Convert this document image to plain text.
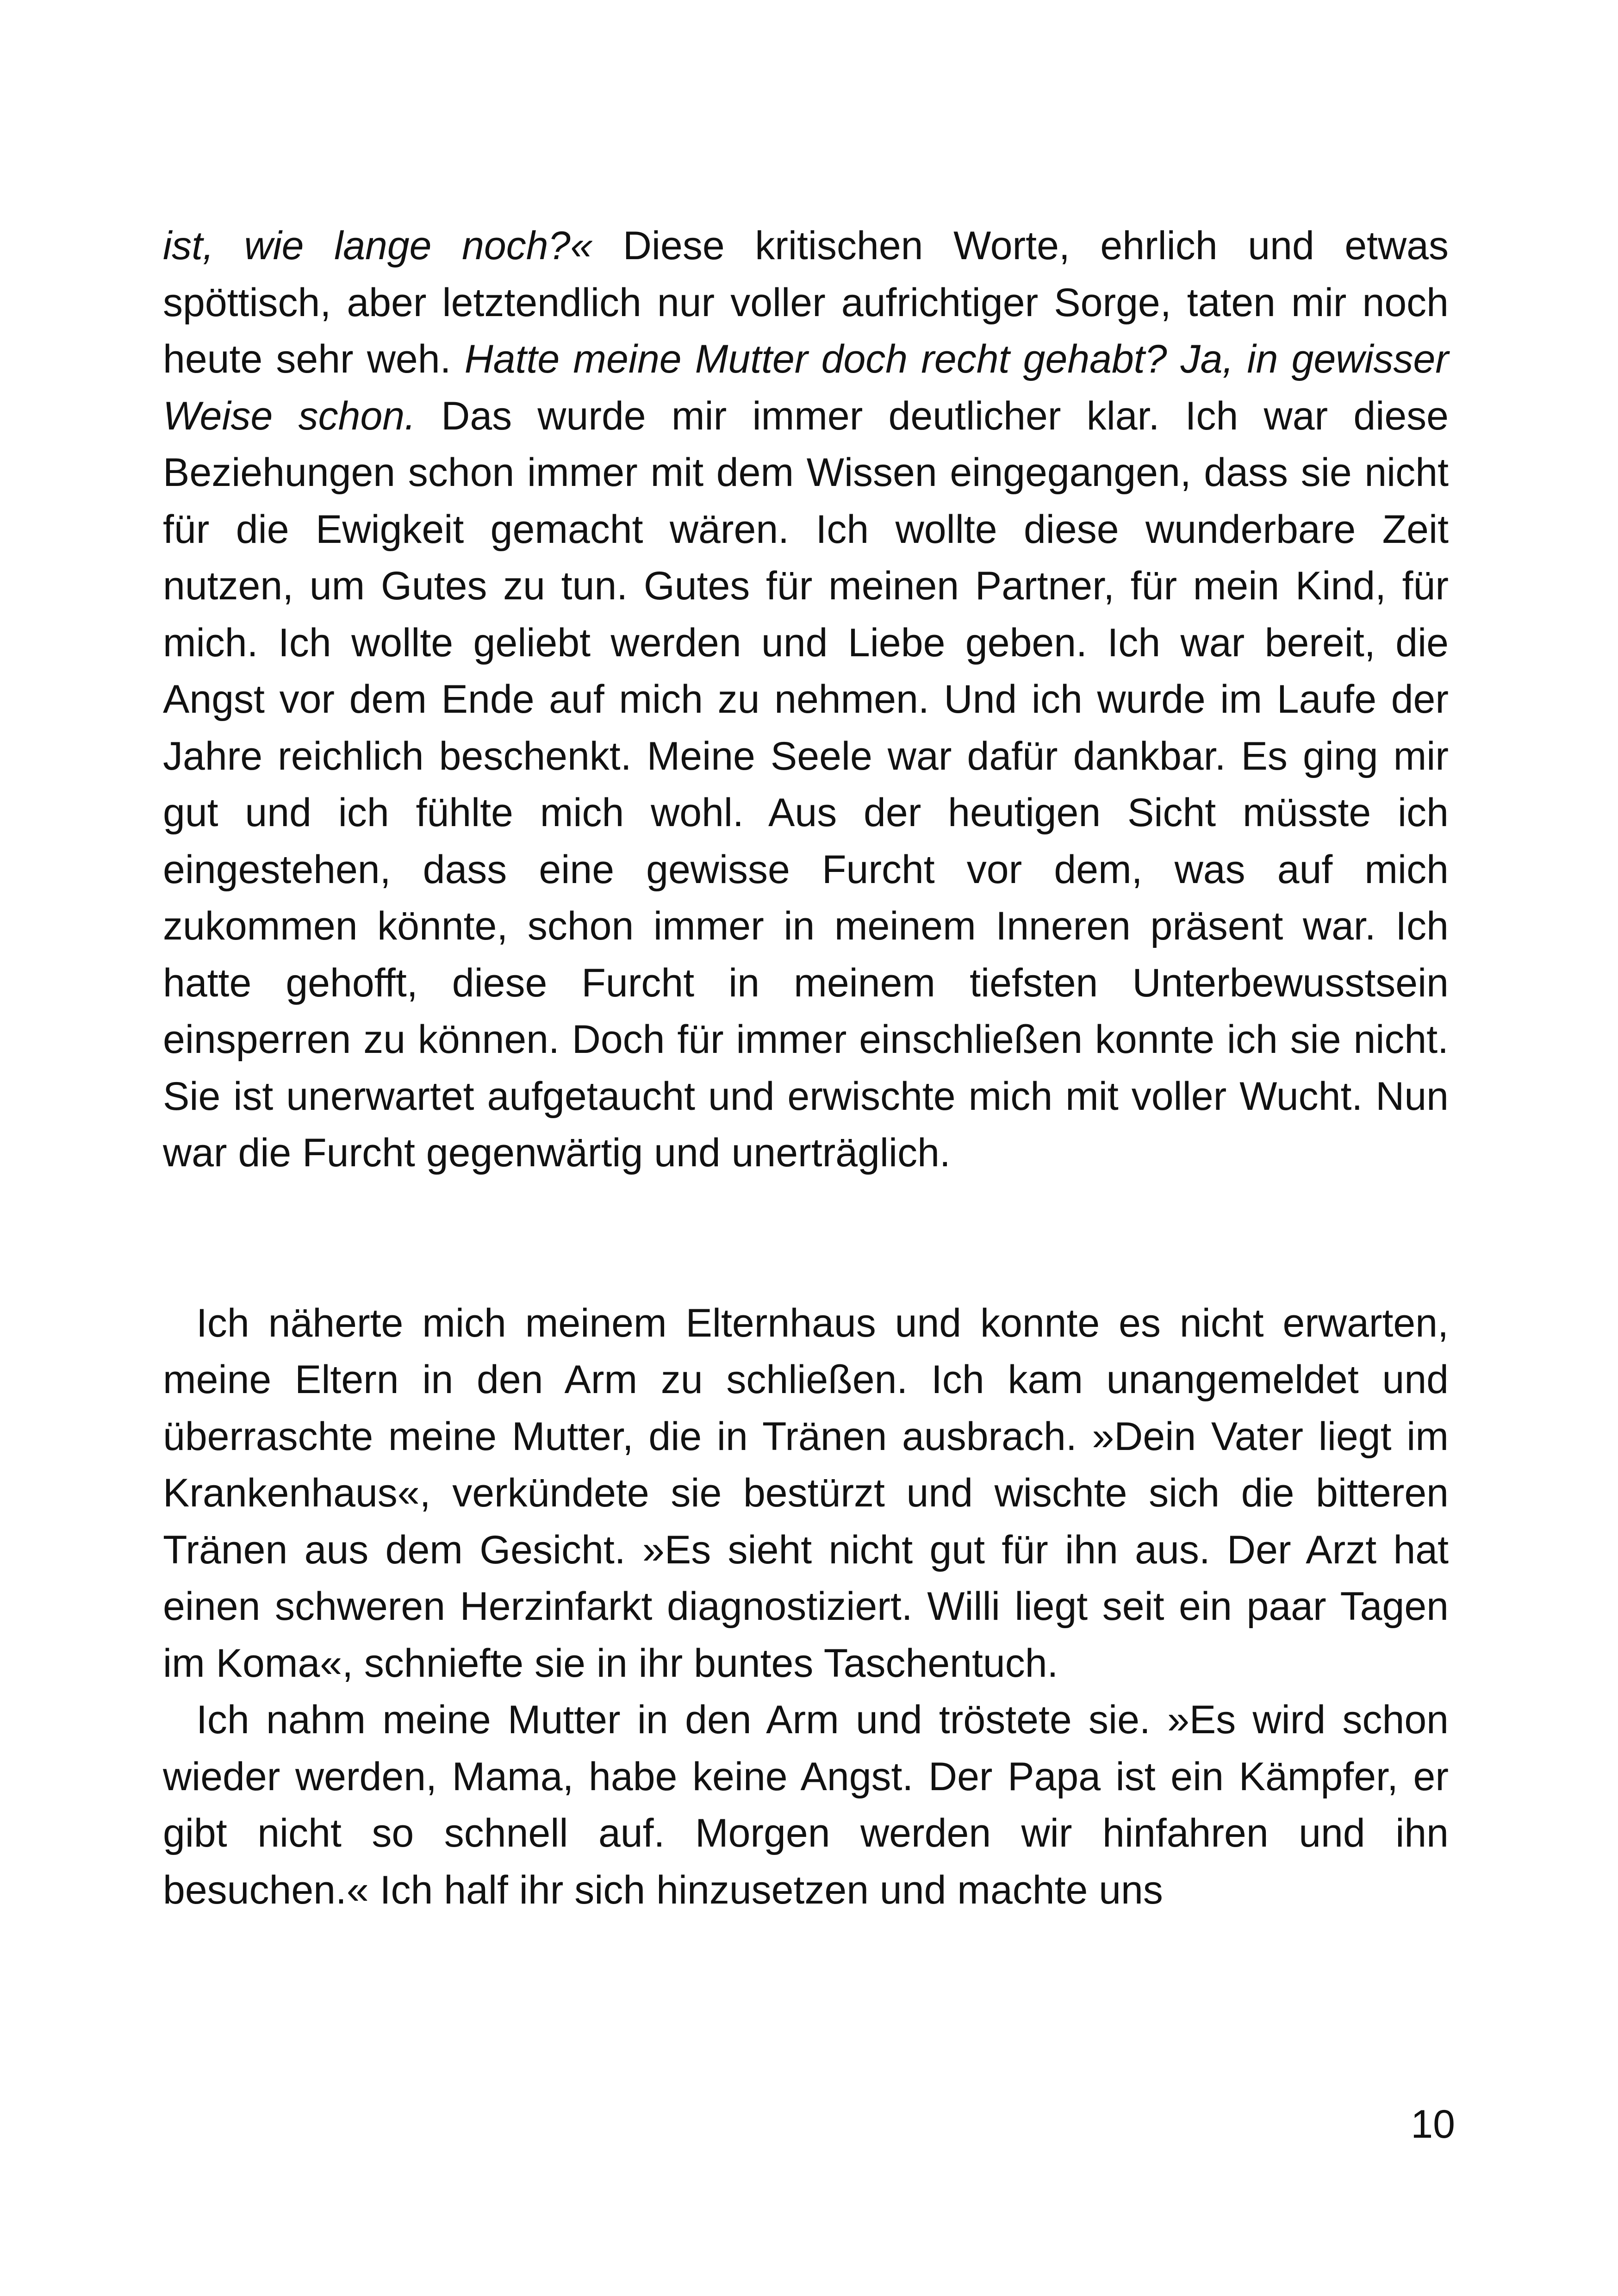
ist, wie lange noch?« Diese kritischen Worte, ehrlich und etwas spöttisch, aber letztendlich nur voller aufrichtiger Sorge, taten mir noch heute sehr weh. Hatte meine Mutter doch recht gehabt? Ja, in gewisser Weise schon. Das wurde mir immer deutlicher klar. Ich war diese Beziehungen schon immer mit dem Wissen eingegangen, dass sie nicht für die Ewigkeit gemacht wären. Ich wollte diese wunderbare Zeit nutzen, um Gutes zu tun. Gutes für meinen Partner, für mein Kind, für mich. Ich wollte geliebt werden und Liebe geben. Ich war bereit, die Angst vor dem Ende auf mich zu nehmen. Und ich wurde im Laufe der Jahre reichlich beschenkt. Meine Seele war dafür dankbar. Es ging mir gut und ich fühlte mich wohl. Aus der heutigen Sicht müsste ich eingestehen, dass eine gewisse Furcht vor dem, was auf mich zukommen könnte, schon immer in meinem Inneren präsent war. Ich hatte gehofft, diese Furcht in meinem tiefsten Unterbewusstsein einsperren zu können. Doch für immer einschließen konnte ich sie nicht. Sie ist unerwartet aufgetaucht und erwischte mich mit voller Wucht. Nun war die Furcht gegenwärtig und unerträglich.

Ich näherte mich meinem Elternhaus und konnte es nicht erwarten, meine Eltern in den Arm zu schließen. Ich kam unangemeldet und überraschte meine Mutter, die in Tränen ausbrach. »Dein Vater liegt im Krankenhaus«, verkündete sie bestürzt und wischte sich die bitteren Tränen aus dem Gesicht. »Es sieht nicht gut für ihn aus. Der Arzt hat einen schweren Herzinfarkt diagnostiziert. Willi liegt seit ein paar Tagen im Koma«, schniefte sie in ihr buntes Taschentuch.

Ich nahm meine Mutter in den Arm und tröstete sie. »Es wird schon wieder werden, Mama, habe keine Angst. Der Papa ist ein Kämpfer, er gibt nicht so schnell auf. Morgen werden wir hinfahren und ihn besuchen.« Ich half ihr sich hinzusetzen und machte uns

10
